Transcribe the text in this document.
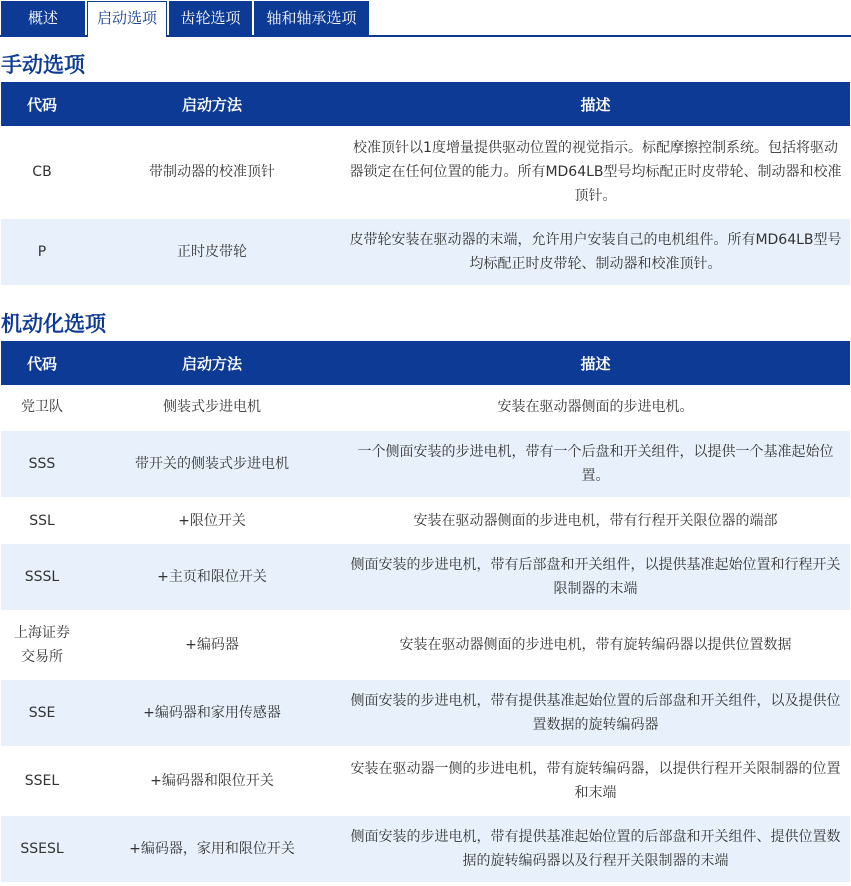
概述	启动选项	齿轮选项	轴和轴承选项
手动选项
代码	启动方法	描述
CB	带制动器的校准顶针	校准顶针以1度增量提供驱动位置的视觉指示。标配摩擦控制系统。包括将驱动器锁定在任何位置的能力。所有MD64LB型号均标配正时皮带轮、制动器和校准顶针。
P	正时皮带轮	皮带轮安装在驱动器的末端，允许用户安装自己的电机组件。所有MD64LB型号均标配正时皮带轮、制动器和校准顶针。
机动化选项
代码	启动方法	描述
党卫队	侧装式步进电机	安装在驱动器侧面的步进电机。
SSS	带开关的侧装式步进电机	一个侧面安装的步进电机，带有一个后盘和开关组件，以提供一个基准起始位置。
SSL	+限位开关	安装在驱动器侧面的步进电机，带有行程开关限位器的端部
SSSL	+主页和限位开关	侧面安装的步进电机，带有后部盘和开关组件，以提供基准起始位置和行程开关限制器的末端
上海证券交易所	+编码器	安装在驱动器侧面的步进电机，带有旋转编码器以提供位置数据
SSE	+编码器和家用传感器	侧面安装的步进电机，带有提供基准起始位置的后部盘和开关组件，以及提供位置数据的旋转编码器
SSEL	+编码器和限位开关	安装在驱动器一侧的步进电机，带有旋转编码器，以提供行程开关限制器的位置和末端
SSESL	+编码器，家用和限位开关	侧面安装的步进电机，带有提供基准起始位置的后部盘和开关组件、提供位置数据的旋转编码器以及行程开关限制器的末端
